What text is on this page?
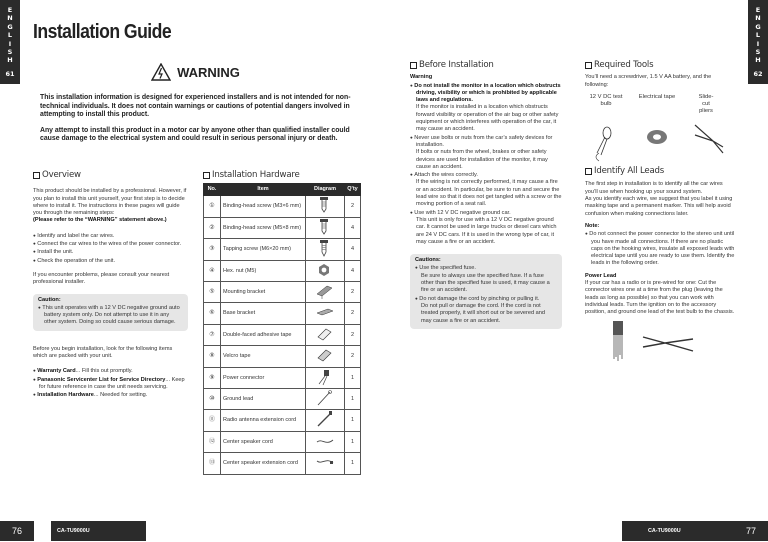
E
N
G
L
I
S
H
61
E
N
G
L
I
S
H
62
Installation Guide
WARNING

This installation information is designed for experienced installers and is not intended for non-technical individuals. It does not contain warnings or cautions of potential dangers involved in attempting to install this product.

Any attempt to install this product in a motor car by anyone other than qualified installer could cause damage to the electrical system and could result in serious personal injury or death.

Overview

This product should be installed by a professional. However, if you plan to install this unit yourself, your first step is to decide where to install it. The instructions in these pages will guide you through the remaining steps:

(Please refer to the “WARNING” statement above.)

● Identify and label the car wires.
● Connect the car wires to the wires of the power connector.
● Install the unit.
● Check the operation of the unit.

If you encounter problems, please consult your nearest professional installer.

Caution:

● This unit operates with a 12 V DC negative ground auto battery system only. Do not attempt to use it in any other system. Doing so could cause serious damage.

Before you begin installation, look for the following items which are packed with your unit.

● Warranty Card... Fill this out promptly.
● Panasonic Servicenter List for Service Directory... Keep for future reference in case the unit needs servicing.
● Installation Hardware... Needed for setting.
Installation Hardware
No.	Item	Diagram	Q'ty
①	Binding-head screw (M3×6 mm)		2
②	Binding-head screw (M5×8 mm)		4
③	Tapping screw (M6×20 mm)		4
④	Hex. nut (M5)		4
⑤	Mounting bracket		2
⑥	Base bracket		2
⑦	Double-faced adhesive tape		2
⑧	Velcro tape		2
⑨	Power connector		1
⑩	Ground lead		1
⑪	Radio antenna extension cord		1
⑫	Center speaker cord		1
⑬	Center speaker extension cord		1
Before Installation

Warning

● Do not install the monitor in a location which obstructs driving, visibility or which is prohibited by applicable laws and regulations.
If the monitor is installed in a location which obstructs forward visibility or operation of the air bag or other safety equipment or which interferes with operation of the car, it may cause an accident.
● Never use bolts or nuts from the car’s safety devices for installation.
If bolts or nuts from the wheel, brakes or other safety devices are used for installation of the monitor, it may cause an accident.
● Attach the wires correctly.
If the wiring is not correctly performed, it may cause a fire or an accident. In particular, be sure to run and secure the lead wire so that it does not get tangled with a screw or the moving portion of a seat rail.
● Use with 12 V DC negative ground car.
This unit is only for use with a 12 V DC negative ground car. It cannot be used in large trucks or diesel cars which are 24 V DC cars. If it is used in the wrong type of car, it may cause a fire or an accident.

Cautions:

● Use the specified fuse.
Be sure to always use the specified fuse. If a fuse other than the specified fuse is used, it may cause a fire or an accident.
● Do not damage the cord by pinching or pulling it.
Do not pull or damage the cord. If the cord is not treated properly, it will short out or be severed and may cause a fire or an accident.
Required Tools

You’ll need a screwdriver, 1.5 V AA battery, and the following:

12 V DC test bulb
Electrical tape	Slide-cut pliers
Identify All Leads

The first step in installation is to identify all the car wires you’ll use when hooking up your sound system.

As you identify each wire, we suggest that you label it using masking tape and a permanent marker. This will help avoid confusion when making connections later.

Note:

● Do not connect the power connector to the stereo unit until you have made all connections. If there are no plastic caps on the hooking wires, insulate all exposed leads with electrical tape until you are ready to use them. Identify the leads in the following order.

Power Lead

If your car has a radio or is pre-wired for one: Cut the connector wires one at a time from the plug (leaving the leads as long as possible) so that you can work with individual leads. Turn the ignition on to the accessory position, and ground one lead of the test bulb to the chassis.

76	CA-TU9000U	CA-TU9000U	77
